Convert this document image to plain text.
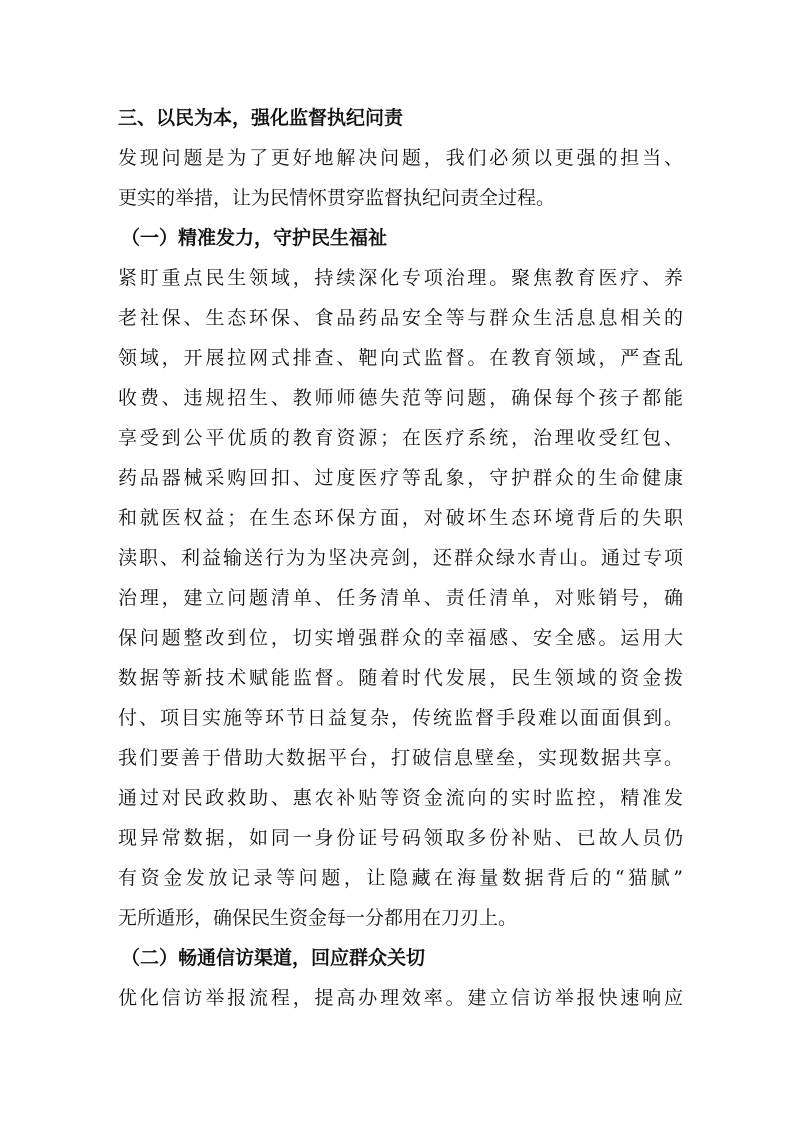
三、以民为本，强化监督执纪问责
发现问题是为了更好地解决问题，我们必须以更强的担当、
更实的举措，让为民情怀贯穿监督执纪问责全过程。
（一）精准发力，守护民生福祉
紧盯重点民生领域，持续深化专项治理。聚焦教育医疗、养
老社保、生态环保、食品药品安全等与群众生活息息相关的
领域，开展拉网式排查、靶向式监督。在教育领域，严查乱
收费、违规招生、教师师德失范等问题，确保每个孩子都能
享受到公平优质的教育资源；在医疗系统，治理收受红包、
药品器械采购回扣、过度医疗等乱象，守护群众的生命健康
和就医权益；在生态环保方面，对破坏生态环境背后的失职
渎职、利益输送行为为坚决亮剑，还群众绿水青山。通过专项
治理，建立问题清单、任务清单、责任清单，对账销号，确
保问题整改到位，切实增强群众的幸福感、安全感。运用大
数据等新技术赋能监督。随着时代发展，民生领域的资金拨
付、项目实施等环节日益复杂，传统监督手段难以面面俱到。
我们要善于借助大数据平台，打破信息壁垒，实现数据共享。
通过对民政救助、惠农补贴等资金流向的实时监控，精准发
现异常数据，如同一身份证号码领取多份补贴、已故人员仍
有资金发放记录等问题，让隐藏在海量数据背后的“猫腻”
无所遁形，确保民生资金每一分都用在刀刃上。
（二）畅通信访渠道，回应群众关切
优化信访举报流程，提高办理效率。建立信访举报快速响应
